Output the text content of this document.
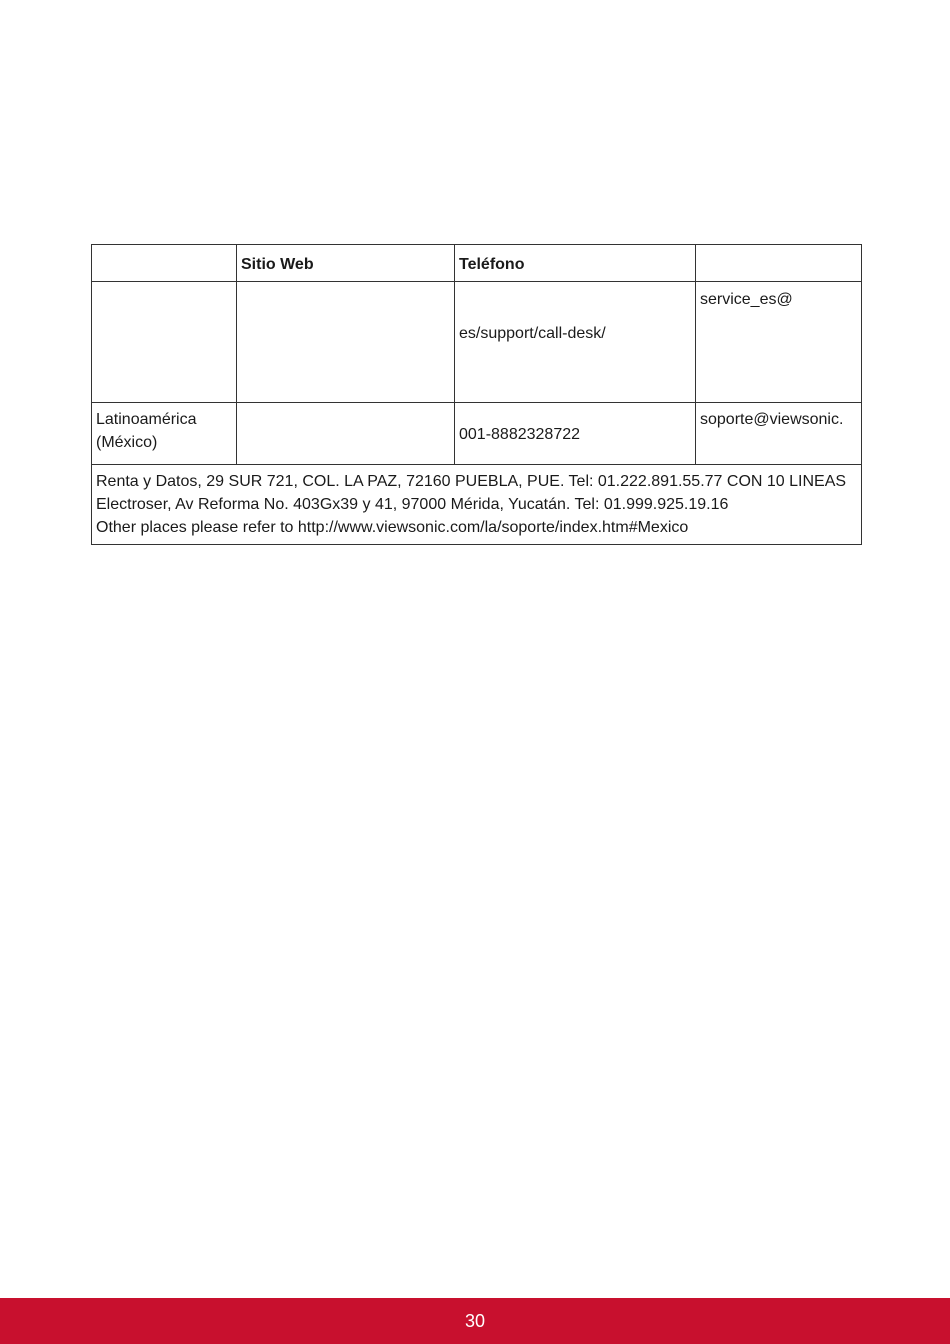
	Sitio Web	Teléfono	
		es/support/call-desk/	service_es@

Latinoamérica
(México)		001-8882328722	soporte@viewsonic.

Renta y Datos, 29 SUR 721, COL. LA PAZ, 72160 PUEBLA, PUE. Tel: 01.222.891.55.77 CON 10 LINEAS
Electroser, Av Reforma No. 403Gx39 y 41, 97000 Mérida, Yucatán. Tel: 01.999.925.19.16
Other places please refer to http://www.viewsonic.com/la/soporte/index.htm#Mexico			
30
